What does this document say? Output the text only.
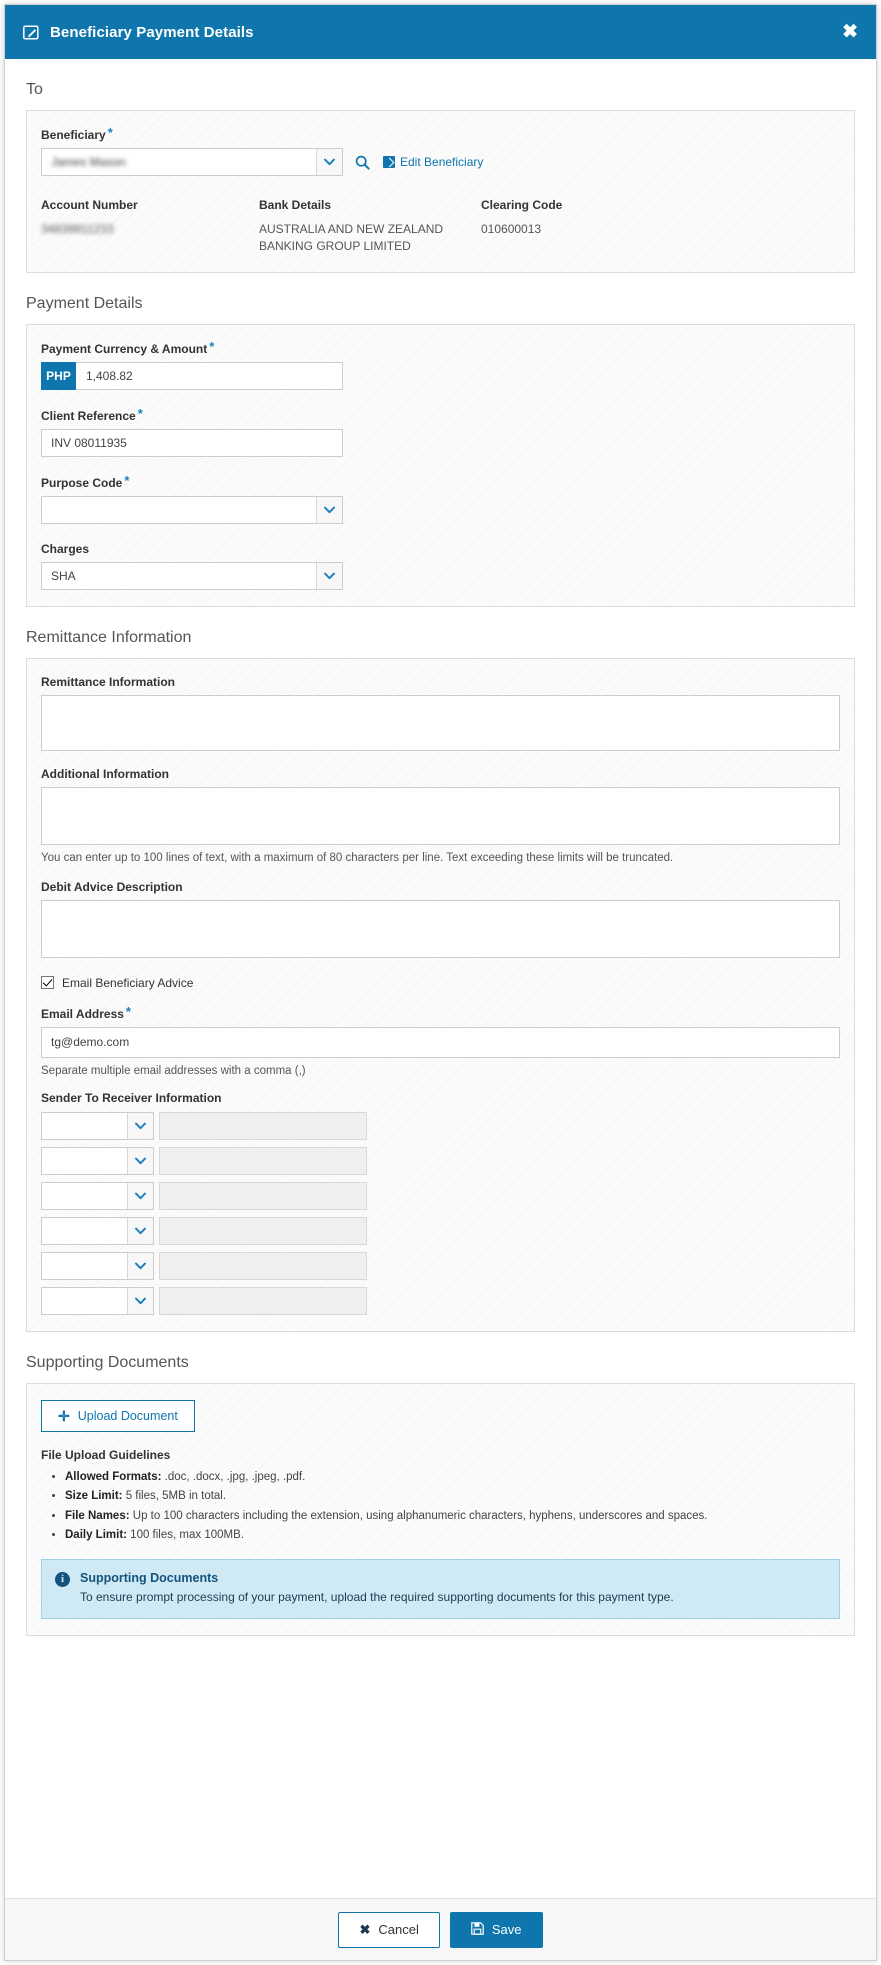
Beneficiary Payment Details	✖
To
Beneficiary *
James Mason	Edit Beneficiary
Account Number
34839911233
Bank Details
AUSTRALIA AND NEW ZEALAND BANKING GROUP LIMITED
Clearing Code
010600013
Payment Details
Payment Currency & Amount *
PHP	1,408.82
Client Reference *
INV 08011935
Purpose Code *
Charges
SHA
Remittance Information
Remittance Information
Additional Information
You can enter up to 100 lines of text, with a maximum of 80 characters per line. Text exceeding these limits will be truncated.
Debit Advice Description
Email Beneficiary Advice
Email Address *
tg@demo.com
Separate multiple email addresses with a comma (,)
Sender To Receiver Information
Supporting Documents
✛ Upload Document
File Upload Guidelines
• Allowed Formats: .doc, .docx, .jpg, .jpeg, .pdf.
• Size Limit: 5 files, 5MB in total.
• File Names: Up to 100 characters including the extension, using alphanumeric characters, hyphens, underscores and spaces.
• Daily Limit: 100 files, max 100MB.
i	Supporting Documents
To ensure prompt processing of your payment, upload the required supporting documents for this payment type.
✖ Cancel	Save
